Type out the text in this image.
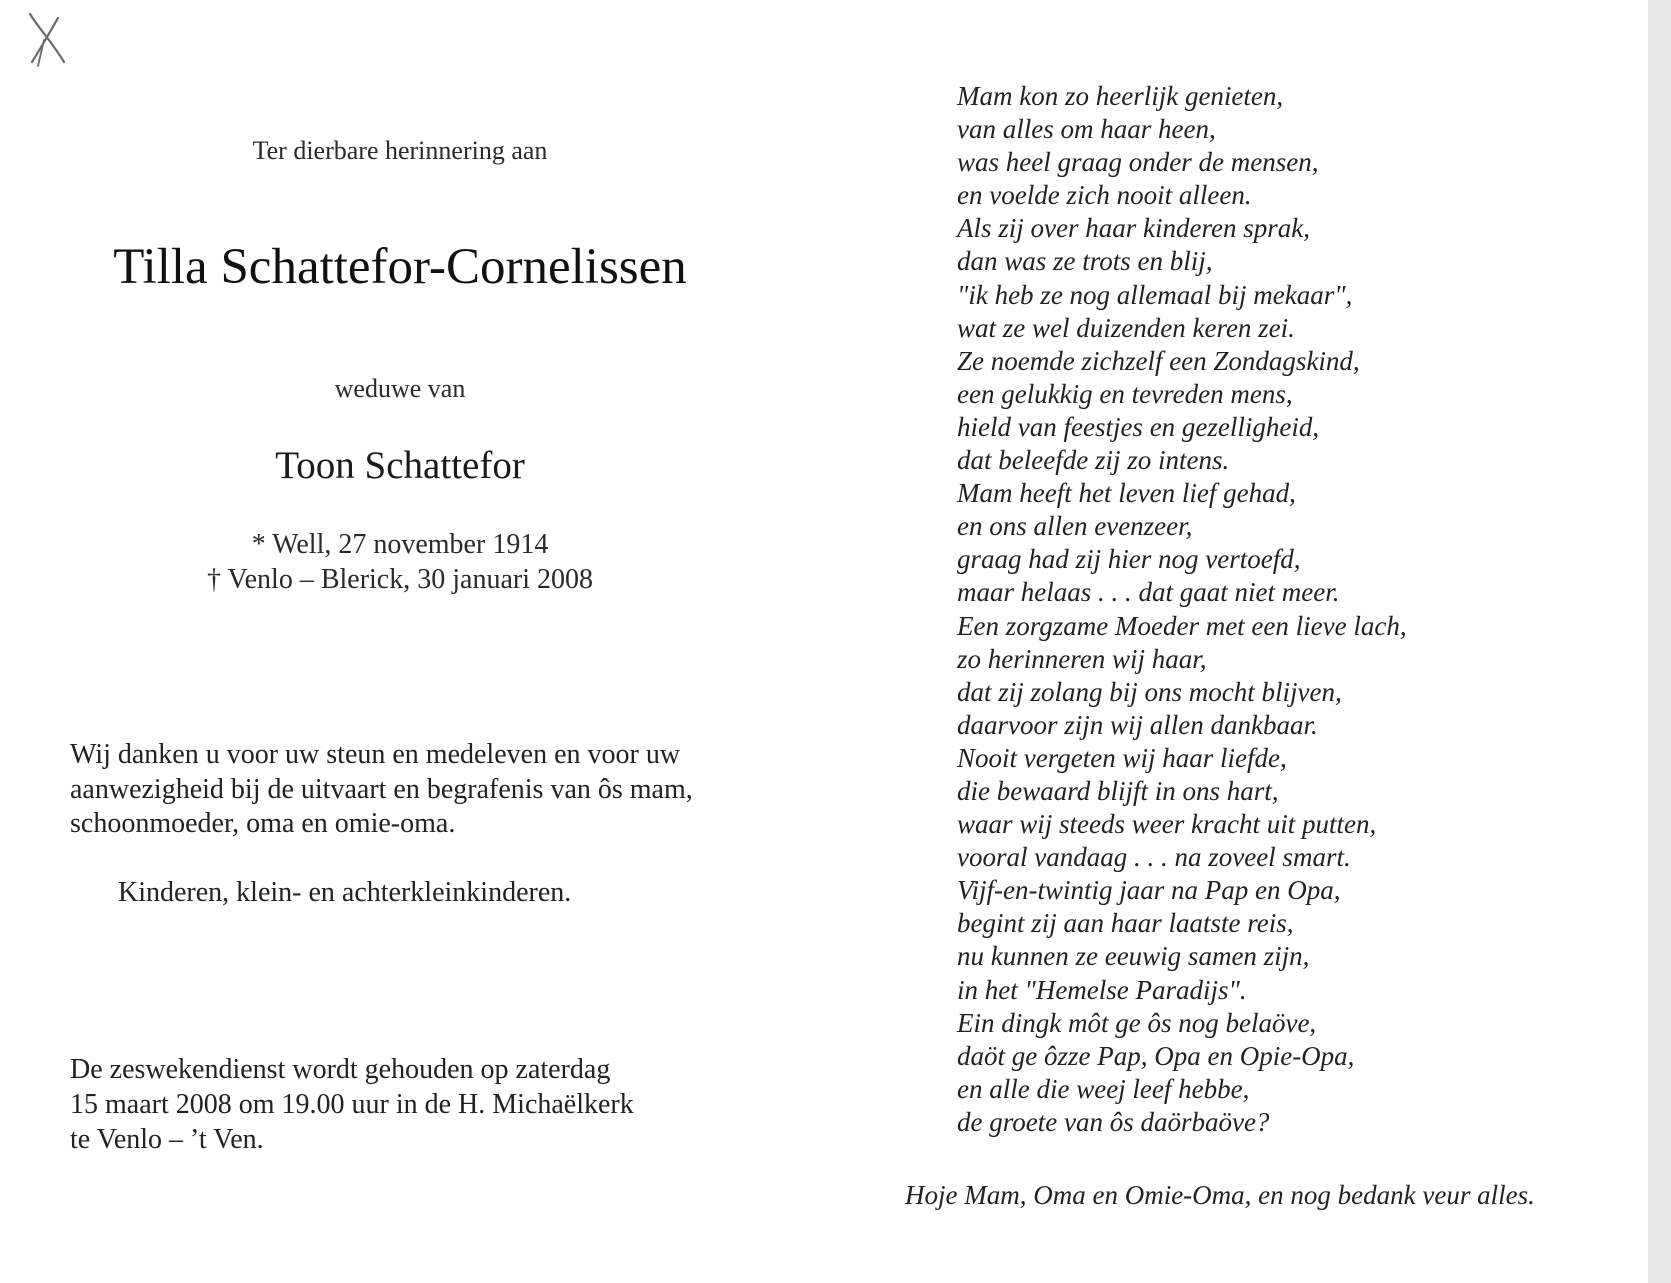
Ter dierbare herinnering aan
Tilla Schattefor-Cornelissen
weduwe van
Toon Schattefor
* Well, 27 november 1914
† Venlo – Blerick, 30 januari 2008
Wij danken u voor uw steun en medeleven en voor uw
aanwezigheid bij de uitvaart en begrafenis van ôs mam,
schoonmoeder, oma en omie-oma.
Kinderen, klein- en achterkleinkinderen.
De zeswekendienst wordt gehouden op zaterdag
15 maart 2008 om 19.00 uur in de H. Michaëlkerk
te Venlo – ’t Ven.
Mam kon zo heerlijk genieten,
van alles om haar heen,
was heel graag onder de mensen,
en voelde zich nooit alleen.
Als zij over haar kinderen sprak,
dan was ze trots en blij,
"ik heb ze nog allemaal bij mekaar",
wat ze wel duizenden keren zei.
Ze noemde zichzelf een Zondagskind,
een gelukkig en tevreden mens,
hield van feestjes en gezelligheid,
dat beleefde zij zo intens.
Mam heeft het leven lief gehad,
en ons allen evenzeer,
graag had zij hier nog vertoefd,
maar helaas . . . dat gaat niet meer.
Een zorgzame Moeder met een lieve lach,
zo herinneren wij haar,
dat zij zolang bij ons mocht blijven,
daarvoor zijn wij allen dankbaar.
Nooit vergeten wij haar liefde,
die bewaard blijft in ons hart,
waar wij steeds weer kracht uit putten,
vooral vandaag . . . na zoveel smart.
Vijf-en-twintig jaar na Pap en Opa,
begint zij aan haar laatste reis,
nu kunnen ze eeuwig samen zijn,
in het "Hemelse Paradijs".
Ein dingk môt ge ôs nog belaöve,
daöt ge ôzze Pap, Opa en Opie-Opa,
en alle die weej leef hebbe,
de groete van ôs daörbaöve?
Hoje Mam, Oma en Omie-Oma, en nog bedank veur alles.
